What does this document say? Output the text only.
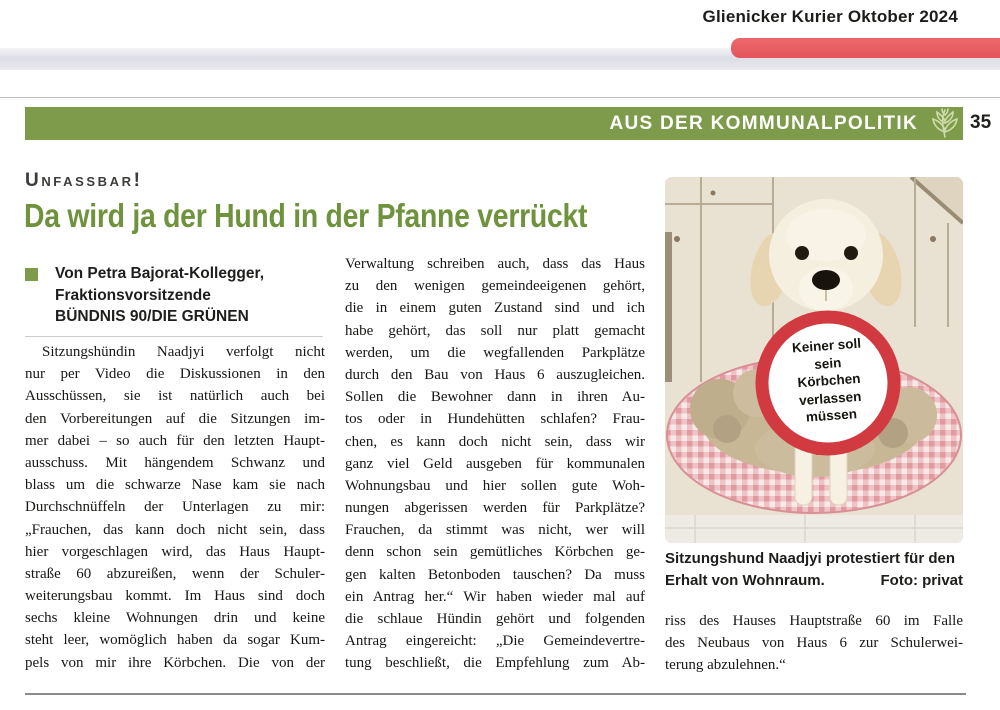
Glienicker Kurier Oktober 2024
AUS DER KOMMUNALPOLITIK	35
Unfassbar!
Da wird ja der Hund in der Pfanne verrückt
Von Petra Bajorat-Kollegger,
Fraktionsvorsitzende
BÜNDNIS 90/DIE GRÜNEN
Sitzungshündin Naadjyi verfolgt nicht
nur per Video die Diskussionen in den
Ausschüssen, sie ist natürlich auch bei
den Vorbereitungen auf die Sitzungen im-
mer dabei – so auch für den letzten Haupt-
ausschuss. Mit hängendem Schwanz und
blass um die schwarze Nase kam sie nach
Durchschnüffeln der Unterlagen zu mir:
„Frauchen, das kann doch nicht sein, dass
hier vorgeschlagen wird, das Haus Haupt-
straße 60 abzureißen, wenn der Schuler-
weiterungsbau kommt. Im Haus sind doch
sechs kleine Wohnungen drin und keine
steht leer, womöglich haben da sogar Kum-
pels von mir ihre Körbchen. Die von der
Verwaltung schreiben auch, dass das Haus
zu den wenigen gemeindeeigenen gehört,
die in einem guten Zustand sind und ich
habe gehört, das soll nur platt gemacht
werden, um die wegfallenden Parkplätze
durch den Bau von Haus 6 auszugleichen.
Sollen die Bewohner dann in ihren Au-
tos oder in Hundehütten schlafen? Frau-
chen, es kann doch nicht sein, dass wir
ganz viel Geld ausgeben für kommunalen
Wohnungsbau und hier sollen gute Woh-
nungen abgerissen werden für Parkplätze?
Frauchen, da stimmt was nicht, wer will
denn schon sein gemütliches Körbchen ge-
gen kalten Betonboden tauschen? Da muss
ein Antrag her.“ Wir haben wieder mal auf
die schlaue Hündin gehört und folgenden
Antrag eingereicht: „Die Gemeindevertre-
tung beschließt, die Empfehlung zum Ab-
Keiner soll
sein
Körbchen
verlassen
müssen
Sitzungshund Naadjyi protestiert für den
Erhalt von Wohnraum.	Foto: privat
riss des Hauses Hauptstraße 60 im Falle
des Neubaus von Haus 6 zur Schulerwei-
terung abzulehnen.“
